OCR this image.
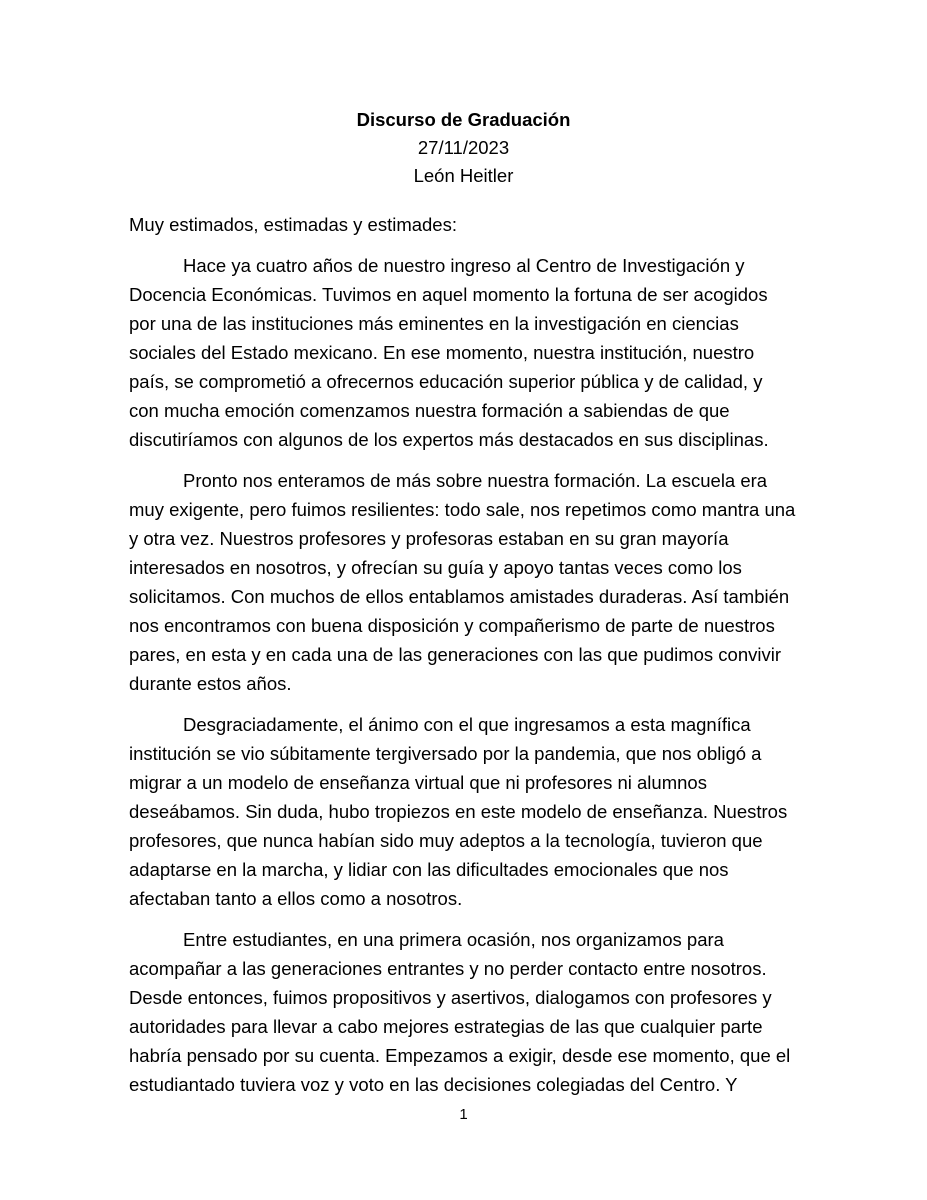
Discurso de Graduación
27/11/2023
León Heitler

Muy estimados, estimadas y estimades:

Hace ya cuatro años de nuestro ingreso al Centro de Investigación y Docencia Económicas. Tuvimos en aquel momento la fortuna de ser acogidos por una de las instituciones más eminentes en la investigación en ciencias sociales del Estado mexicano. En ese momento, nuestra institución, nuestro país, se comprometió a ofrecernos educación superior pública y de calidad, y con mucha emoción comenzamos nuestra formación a sabiendas de que discutiríamos con algunos de los expertos más destacados en sus disciplinas.

Pronto nos enteramos de más sobre nuestra formación. La escuela era muy exigente, pero fuimos resilientes: todo sale, nos repetimos como mantra una y otra vez. Nuestros profesores y profesoras estaban en su gran mayoría interesados en nosotros, y ofrecían su guía y apoyo tantas veces como los solicitamos. Con muchos de ellos entablamos amistades duraderas. Así también nos encontramos con buena disposición y compañerismo de parte de nuestros pares, en esta y en cada una de las generaciones con las que pudimos convivir durante estos años.

Desgraciadamente, el ánimo con el que ingresamos a esta magnífica institución se vio súbitamente tergiversado por la pandemia, que nos obligó a migrar a un modelo de enseñanza virtual que ni profesores ni alumnos deseábamos. Sin duda, hubo tropiezos en este modelo de enseñanza. Nuestros profesores, que nunca habían sido muy adeptos a la tecnología, tuvieron que adaptarse en la marcha, y lidiar con las dificultades emocionales que nos afectaban tanto a ellos como a nosotros.

Entre estudiantes, en una primera ocasión, nos organizamos para acompañar a las generaciones entrantes y no perder contacto entre nosotros. Desde entonces, fuimos propositivos y asertivos, dialogamos con profesores y autoridades para llevar a cabo mejores estrategias de las que cualquier parte habría pensado por su cuenta. Empezamos a exigir, desde ese momento, que el estudiantado tuviera voz y voto en las decisiones colegiadas del Centro. Y

1
